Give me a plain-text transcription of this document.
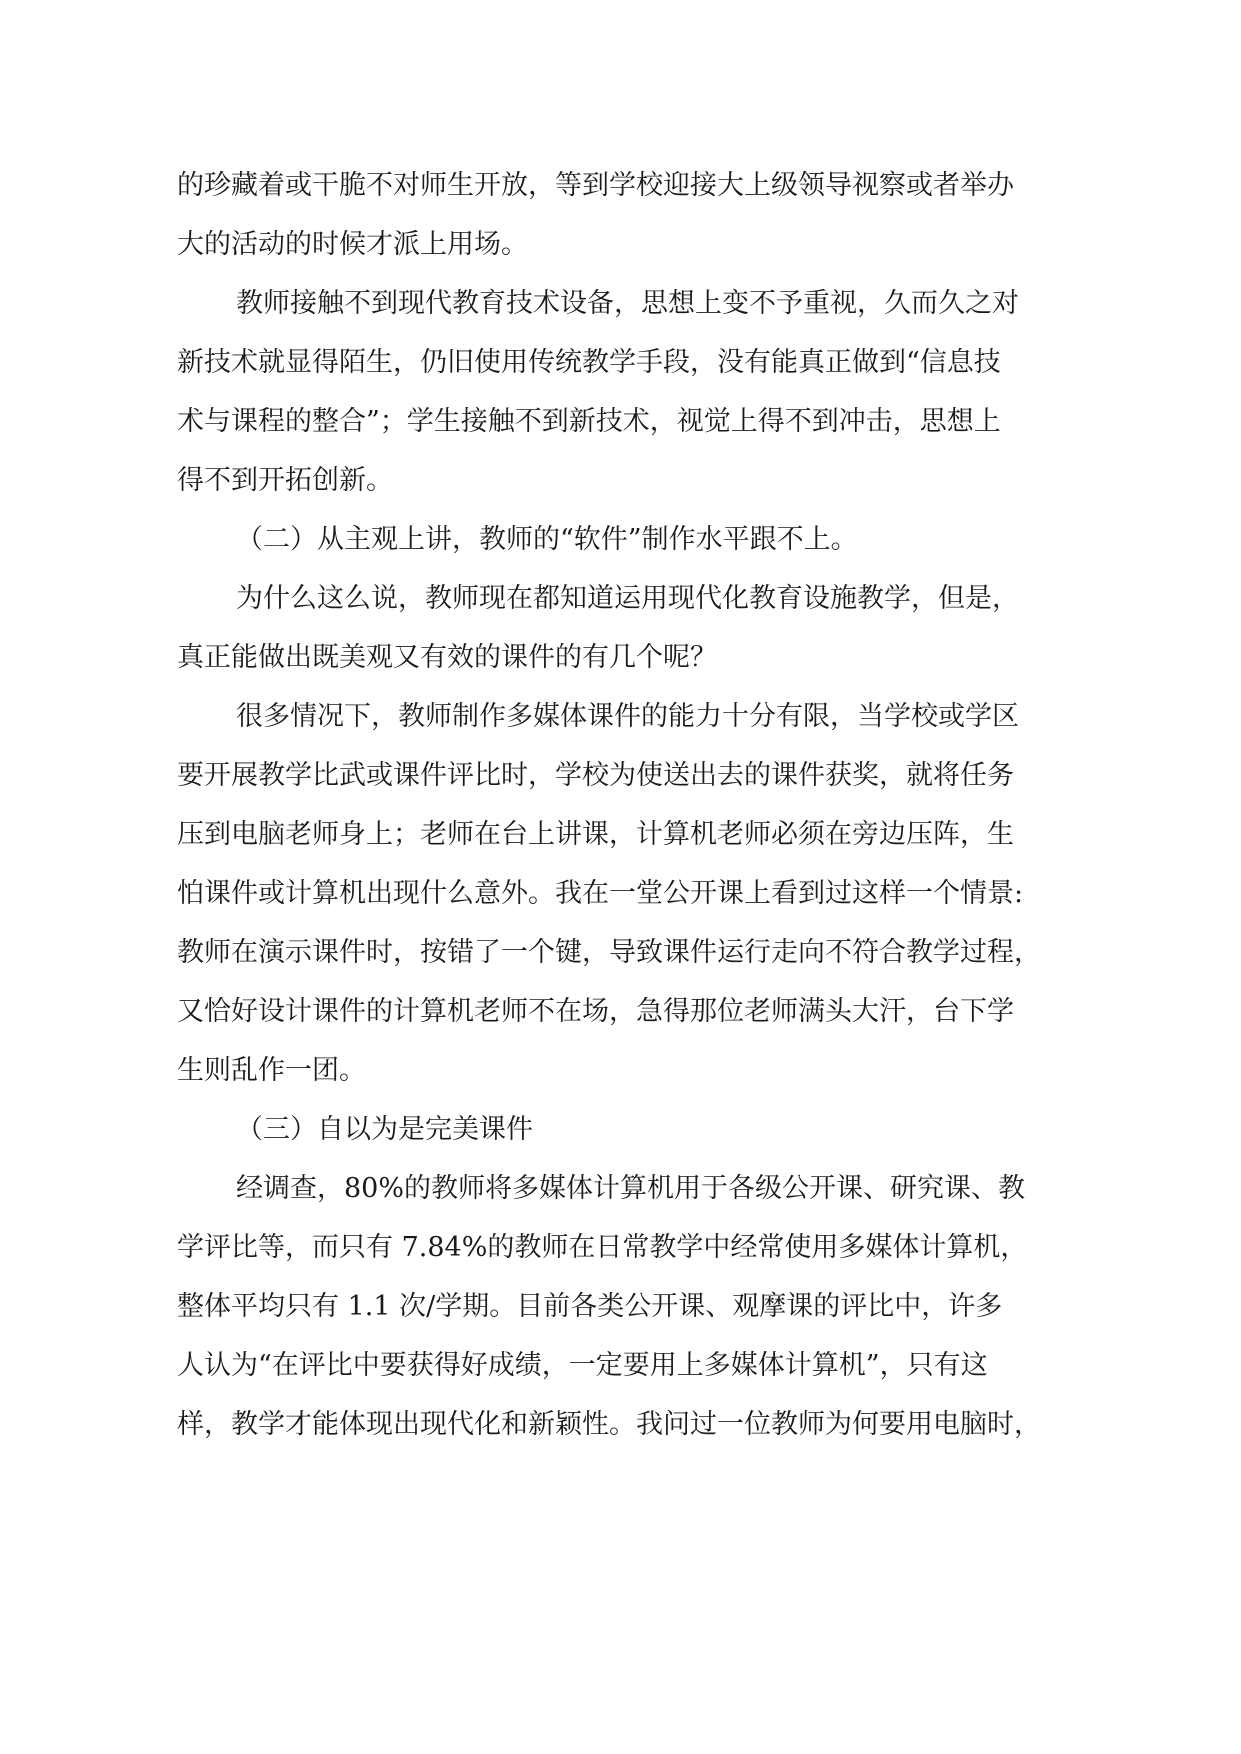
的珍藏着或干脆不对师生开放，等到学校迎接大上级领导视察或者举办
大的活动的时候才派上用场。
教师接触不到现代教育技术设备，思想上变不予重视，久而久之对
新技术就显得陌生，仍旧使用传统教学手段，没有能真正做到“信息技
术与课程的整合”；学生接触不到新技术，视觉上得不到冲击，思想上
得不到开拓创新。
（二）从主观上讲，教师的“软件”制作水平跟不上。
为什么这么说，教师现在都知道运用现代化教育设施教学，但是，
真正能做出既美观又有效的课件的有几个呢？
很多情况下，教师制作多媒体课件的能力十分有限，当学校或学区
要开展教学比武或课件评比时，学校为使送出去的课件获奖，就将任务
压到电脑老师身上；老师在台上讲课，计算机老师必须在旁边压阵，生
怕课件或计算机出现什么意外。我在一堂公开课上看到过这样一个情景:
教师在演示课件时，按错了一个键，导致课件运行走向不符合教学过程，
又恰好设计课件的计算机老师不在场，急得那位老师满头大汗，台下学
生则乱作一团。
（三）自以为是完美课件
经调查，80%的教师将多媒体计算机用于各级公开课、研究课、教
学评比等，而只有 7.84%的教师在日常教学中经常使用多媒体计算机，
整体平均只有 1.1 次/学期。目前各类公开课、观摩课的评比中，许多
人认为“在评比中要获得好成绩，一定要用上多媒体计算机”，只有这
样，教学才能体现出现代化和新颖性。我问过一位教师为何要用电脑时，
